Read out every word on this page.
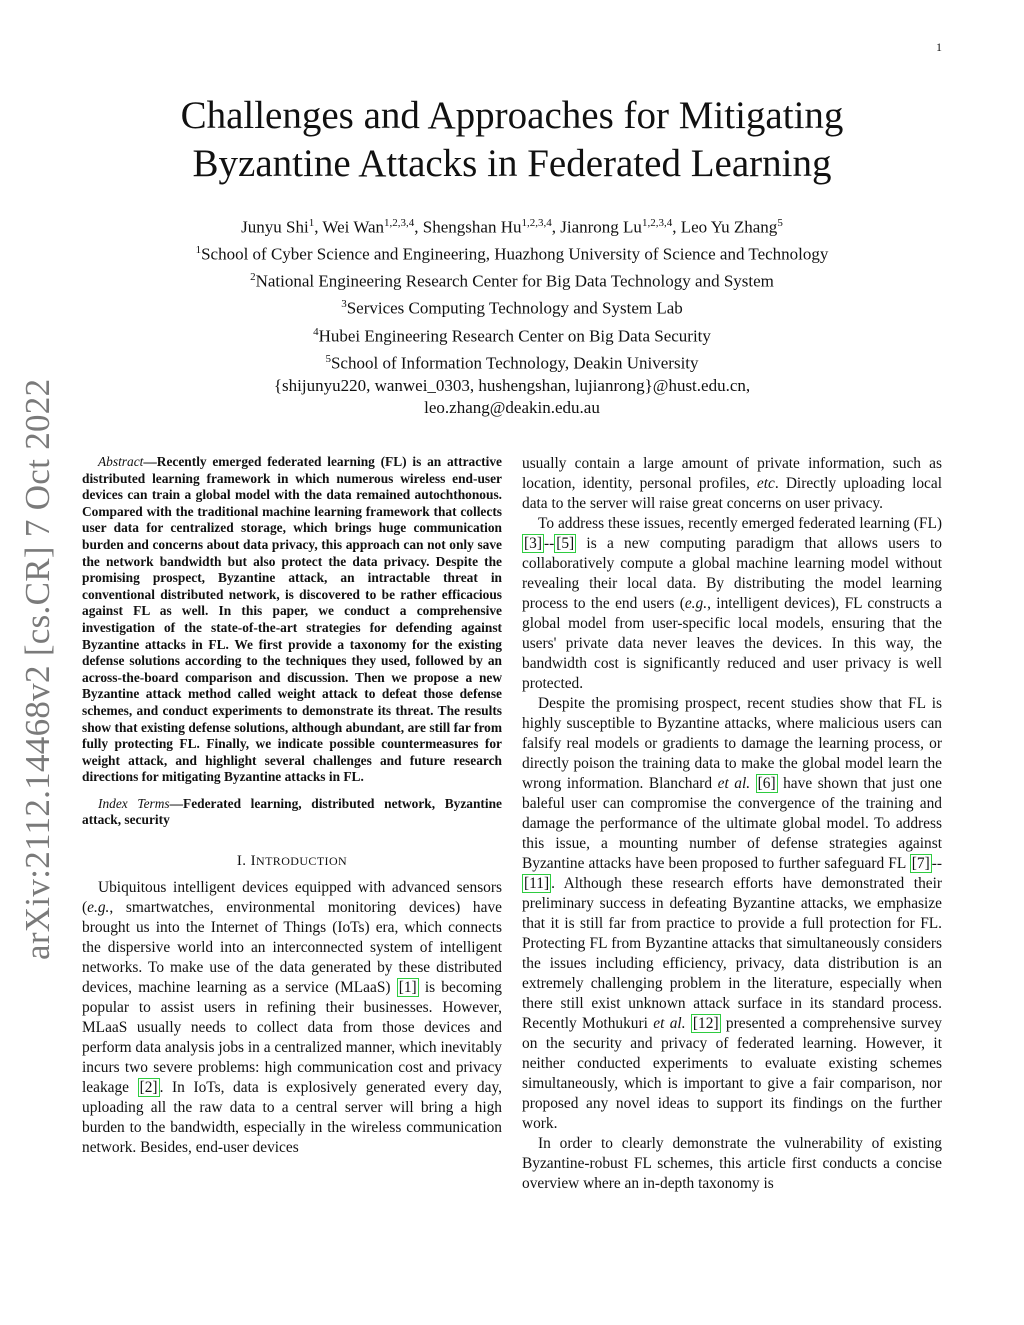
1
arXiv:2112.14468v2 [cs.CR] 7 Oct 2022
Challenges and Approaches for Mitigating
Byzantine Attacks in Federated Learning
Junyu Shi$^1$, Wei Wan$^{1,2,3,4}$, Shengshan Hu$^{1,2,3,4}$, Jianrong Lu$^{1,2,3,4}$, Leo Yu Zhang$^5$
$^1$School of Cyber Science and Engineering, Huazhong University of Science and Technology
$^2$National Engineering Research Center for Big Data Technology and System
$^3$Services Computing Technology and System Lab
$^4$Hubei Engineering Research Center on Big Data Security
$^5$School of Information Technology, Deakin University
{shijunyu220, wanwei_0303, hushengshan, lujianrong}@hust.edu.cn,
leo.zhang@deakin.edu.au

Abstract—Recently emerged federated learning (FL) is an attractive distributed learning framework in which numerous wireless end-user devices can train a global model with the data remained autochthonous. Compared with the traditional machine learning framework that collects user data for centralized storage, which brings huge communication burden and concerns about data privacy, this approach can not only save the network bandwidth but also protect the data privacy. Despite the promising prospect, Byzantine attack, an intractable threat in conventional distributed network, is discovered to be rather efficacious against FL as well. In this paper, we conduct a comprehensive investigation of the state-of-the-art strategies for defending against Byzantine attacks in FL. We first provide a taxonomy for the existing defense solutions according to the techniques they used, followed by an across-the-board comparison and discussion. Then we propose a new Byzantine attack method called weight attack to defeat those defense schemes, and conduct experiments to demonstrate its threat. The results show that existing defense solutions, although abundant, are still far from fully protecting FL. Finally, we indicate possible countermeasures for weight attack, and highlight several challenges and future research directions for mitigating Byzantine attacks in FL.

Index Terms—Federated learning, distributed network, Byzantine attack, security

I. INTRODUCTION

Ubiquitous intelligent devices equipped with advanced sensors (e.g., smartwatches, environmental monitoring devices) have brought us into the Internet of Things (IoTs) era, which connects the dispersive world into an interconnected system of intelligent networks. To make use of the data generated by these distributed devices, machine learning as a service (MLaaS) [1] is becoming popular to assist users in refining their businesses. However, MLaaS usually needs to collect data from those devices and perform data analysis jobs in a centralized manner, which inevitably incurs two severe problems: high communication cost and privacy leakage [2] . In IoTs, data is explosively generated every day, uploading all the raw data to a central server will bring a high burden to the bandwidth, especially in the wireless communication network. Besides, end-user devices

usually contain a large amount of private information, such as location, identity, personal profiles, etc. Directly uploading local data to the server will raise great concerns on user privacy.

To address these issues, recently emerged federated learning (FL) [3] -- [5] is a new computing paradigm that allows users to collaboratively compute a global machine learning model without revealing their local data. By distributing the model learning process to the end users (e.g., intelligent devices), FL constructs a global model from user-specific local models, ensuring that the users' private data never leaves the devices. In this way, the bandwidth cost is significantly reduced and user privacy is well protected.

Despite the promising prospect, recent studies show that FL is highly susceptible to Byzantine attacks, where malicious users can falsify real models or gradients to damage the learning process, or directly poison the training data to make the global model learn the wrong information. Blanchard et al. [6] have shown that just one baleful user can compromise the convergence of the training and damage the performance of the ultimate global model. To address this issue, a mounting number of defense strategies against Byzantine attacks have been proposed to further safeguard FL [7] --[11] . Although these research efforts have demonstrated their preliminary success in defeating Byzantine attacks, we emphasize that it is still far from practice to provide a full protection for FL. Protecting FL from Byzantine attacks that simultaneously considers the issues including efficiency, privacy, data distribution is an extremely challenging problem in the literature, especially when there still exist unknown attack surface in its standard process. Recently Mothukuri et al. [12] presented a comprehensive survey on the security and privacy of federated learning. However, it neither conducted experiments to evaluate existing schemes simultaneously, which is important to give a fair comparison, nor proposed any novel ideas to support its findings on the further work.

In order to clearly demonstrate the vulnerability of existing Byzantine-robust FL schemes, this article first conducts a concise overview where an in-depth taxonomy is
